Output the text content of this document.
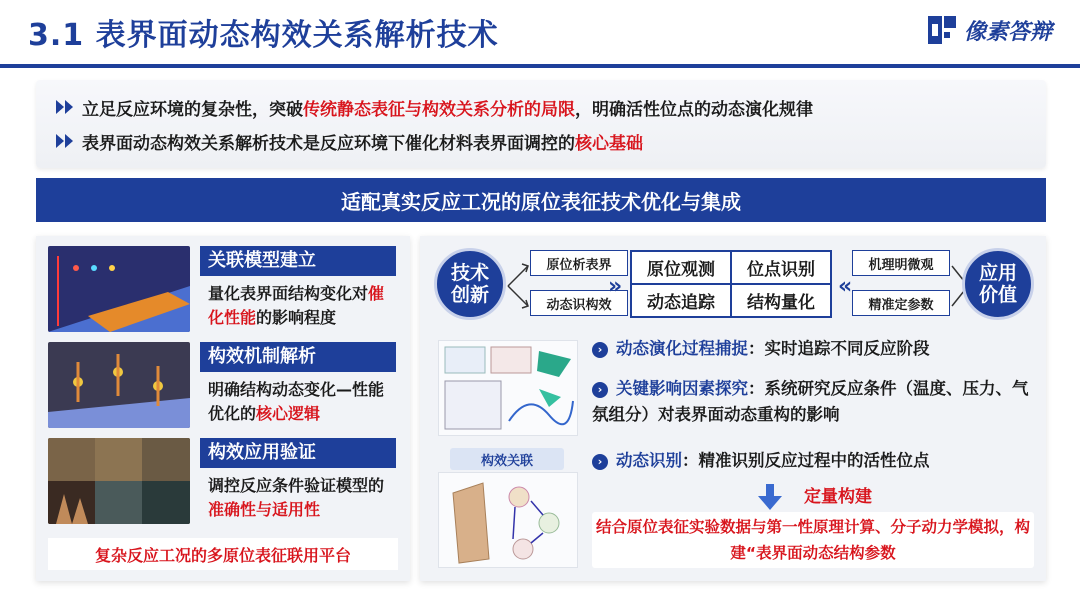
3.1 表界面动态构效关系解析技术	像素答辩
立足反应环境的复杂性，突破 传统静态表征与构效关系分析的局限 ，明确活性位点的动态演化规律
表界面动态构效关系解析技术是反应环境下催化材料表界面调控的 核心基础
适配真实反应工况的原位表征技术优化与集成
关联模型建立
量化表界面结构变化对催化性能的影响程度
构效机制解析
明确结构动态变化—性能优化的核心逻辑
构效应用验证
调控反应条件验证模型的准确性与适用性
复杂反应工况的多原位表征联用平台
技术
创新
原位析表界
动态识构效
»
原位观测	位点识别
动态追踪	结构量化
«
机理明微观
精准定参数
应用
价值
构效关联
› 动态演化过程捕捉：实时追踪不同反应阶段
› 关键影响因素探究：系统研究反应条件（温度、压力、气氛组分）对表界面动态重构的影响
› 动态识别：精准识别反应过程中的活性位点
定量构建
结合原位表征实验数据与第一性原理计算、分子动力学模拟，构建“表界面动态结构参数
